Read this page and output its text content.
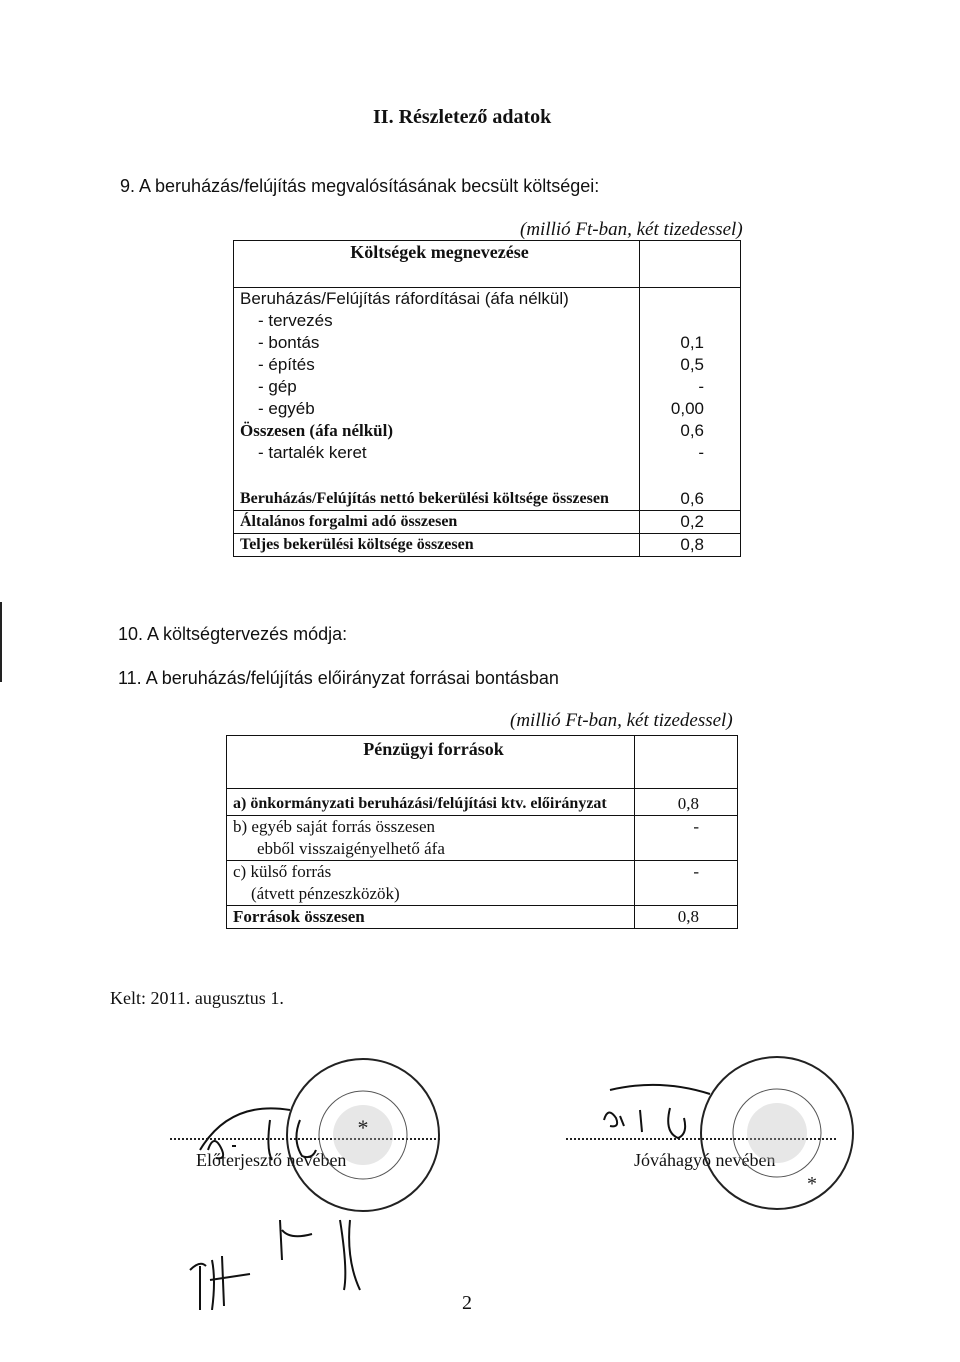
II. Részletező adatok
9. A beruházás/felújítás megvalósításának becsült költségei:
(millió Ft-ban, két tizedessel)
Költségek megnevezése	
Beruházás/Felújítás ráfordításai (áfa nélkül)	
- tervezés	
- bontás	0,1
- építés	0,5
- gép	-
- egyéb	0,00
Összesen (áfa nélkül)	0,6
- tartalék keret	-
Beruházás/Felújítás nettó bekerülési költsége összesen	0,6
Általános forgalmi adó összesen	0,2
Teljes bekerülési költsége összesen	0,8
10. A költségtervezés módja:
11. A beruházás/felújítás előirányzat forrásai bontásban
(millió Ft-ban, két tizedessel)
Pénzügyi források	
a) önkormányzati beruházási/felújítási ktv. előirányzat	0,8
b) egyéb saját forrás összesen	-
ebből visszaigényelhető áfa	
c) külső forrás	-
(átvett pénzeszközök)	
Források összesen	0,8
Kelt: 2011. augusztus 1.
Előterjesztő nevében
*
Jóváhagyó nevében
*
2
